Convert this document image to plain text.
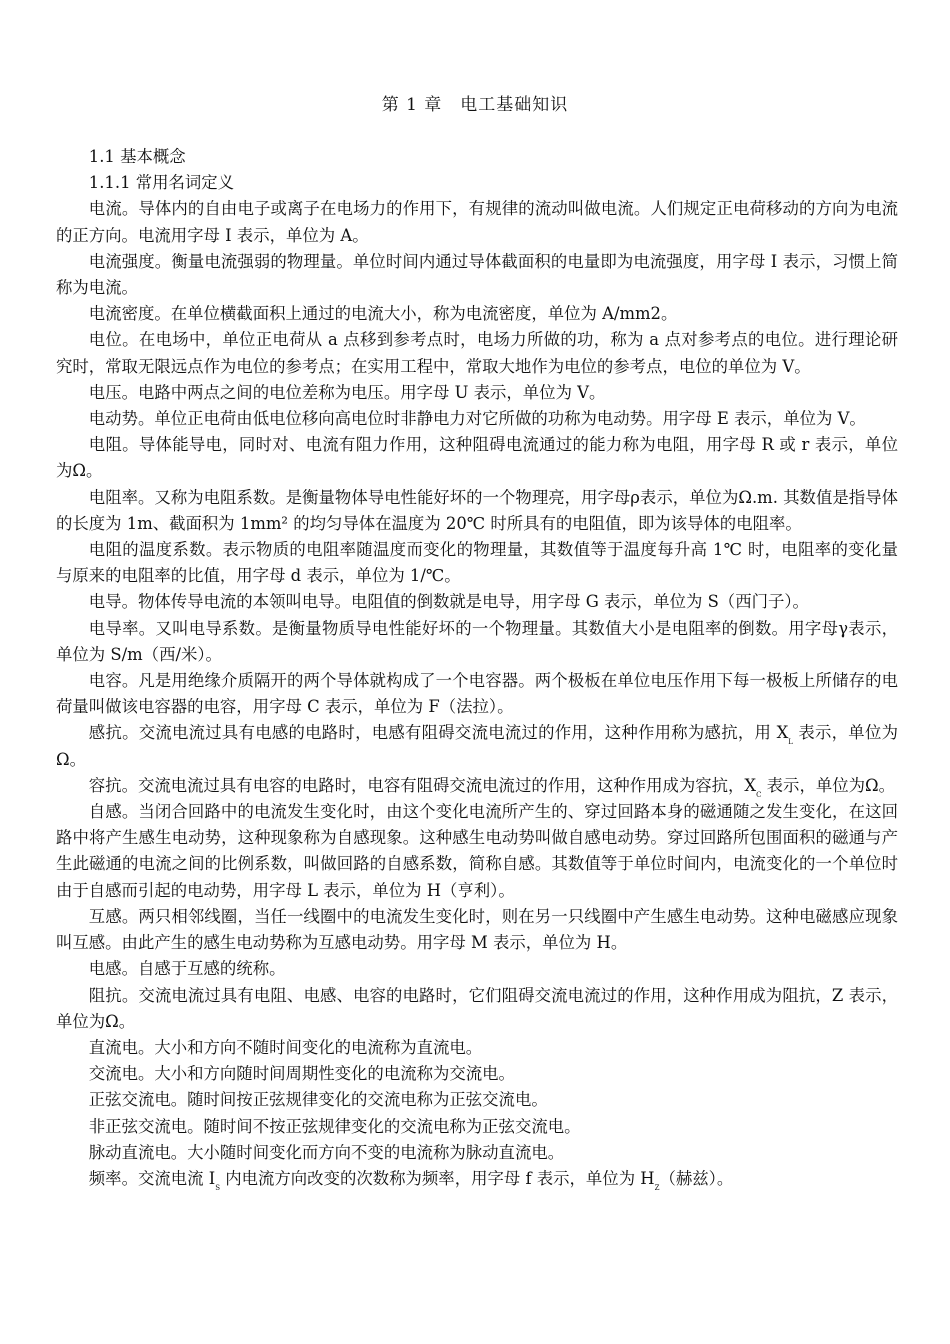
第 1 章　电工基础知识

1.1 基本概念

1.1.1 常用名词定义

电流。导体内的自由电子或离子在电场力的作用下，有规律的流动叫做电流。人们规定正电荷移动的方向为电流的正方向。电流用字母 I 表示，单位为 A。

电流强度。衡量电流强弱的物理量。单位时间内通过导体截面积的电量即为电流强度，用字母 I 表示，习惯上简称为电流。

电流密度。在单位横截面积上通过的电流大小，称为电流密度，单位为 A/mm2。

电位。在电场中，单位正电荷从 a 点移到参考点时，电场力所做的功，称为 a 点对参考点的电位。进行理论研究时，常取无限远点作为电位的参考点；在实用工程中，常取大地作为电位的参考点，电位的单位为 V。

电压。电路中两点之间的电位差称为电压。用字母 U 表示，单位为 V。

电动势。单位正电荷由低电位移向高电位时非静电力对它所做的功称为电动势。用字母 E 表示，单位为 V。

电阻。导体能导电，同时对、电流有阻力作用，这种阻碍电流通过的能力称为电阻，用字母 R 或 r 表示，单位为Ω。

电阻率。又称为电阻系数。是衡量物体导电性能好坏的一个物理亮，用字母ρ表示，单位为Ω.m. 其数值是指导体的长度为 1m、截面积为 1mm² 的均匀导体在温度为 20℃ 时所具有的电阻值，即为该导体的电阻率。

电阻的温度系数。表示物质的电阻率随温度而变化的物理量，其数值等于温度每升高 1℃ 时，电阻率的变化量与原来的电阻率的比值，用字母 d 表示，单位为 1/℃。

电导。物体传导电流的本领叫电导。电阻值的倒数就是电导，用字母 G 表示，单位为 S（西门子）。

电导率。又叫电导系数。是衡量物质导电性能好坏的一个物理量。其数值大小是电阻率的倒数。用字母γ表示，单位为 S/m（西/米）。

电容。凡是用绝缘介质隔开的两个导体就构成了一个电容器。两个极板在单位电压作用下每一极板上所储存的电荷量叫做该电容器的电容，用字母 C 表示，单位为 F（法拉）。

感抗。交流电流过具有电感的电路时，电感有阻碍交流电流过的作用，这种作用称为感抗，用 $X_L$ 表示，单位为Ω。

容抗。交流电流过具有电容的电路时，电容有阻碍交流电流过的作用，这种作用成为容抗，$X_C$ 表示，单位为Ω。

自感。当闭合回路中的电流发生变化时，由这个变化电流所产生的、穿过回路本身的磁通随之发生变化，在这回路中将产生感生电动势，这种现象称为自感现象。这种感生电动势叫做自感电动势。穿过回路所包围面积的磁通与产生此磁通的电流之间的比例系数，叫做回路的自感系数，简称自感。其数值等于单位时间内，电流变化的一个单位时由于自感而引起的电动势，用字母 L 表示，单位为 H（亨利）。

互感。两只相邻线圈，当任一线圈中的电流发生变化时，则在另一只线圈中产生感生电动势。这种电磁感应现象叫互感。由此产生的感生电动势称为互感电动势。用字母 M 表示，单位为 H。

电感。自感于互感的统称。

阻抗。交流电流过具有电阻、电感、电容的电路时，它们阻碍交流电流过的作用，这种作用成为阻抗，Z 表示，单位为Ω。

直流电。大小和方向不随时间变化的电流称为直流电。

交流电。大小和方向随时间周期性变化的电流称为交流电。

正弦交流电。随时间按正弦规律变化的交流电称为正弦交流电。

非正弦交流电。随时间不按正弦规律变化的交流电称为正弦交流电。

脉动直流电。大小随时间变化而方向不变的电流称为脉动直流电。

频率。交流电流 $I_S$ 内电流方向改变的次数称为频率，用字母 f 表示，单位为 $H_Z$（赫兹）。
